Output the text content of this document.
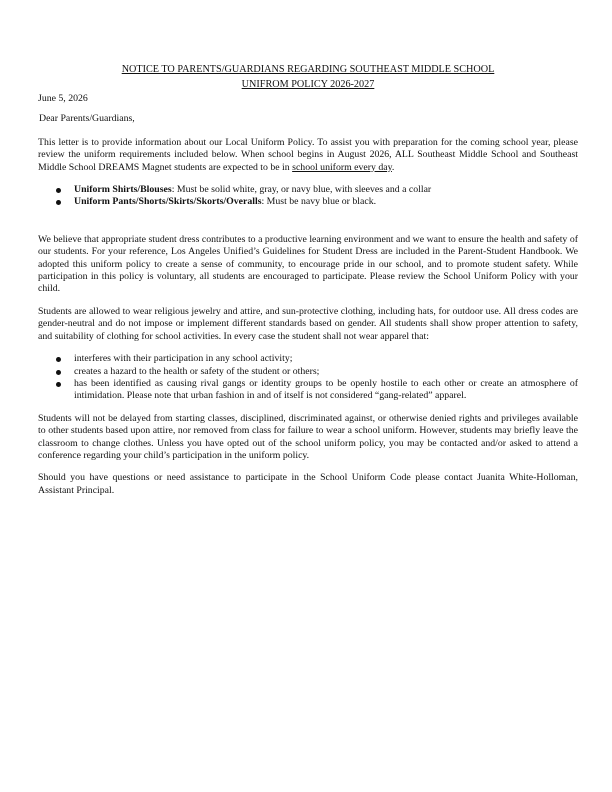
NOTICE TO PARENTS/GUARDIANS REGARDING SOUTHEAST MIDDLE SCHOOL
UNIFROM POLICY 2026-2027
June 5, 2026
Dear Parents/Guardians,

This letter is to provide information about our Local Uniform Policy. To assist you with preparation for the coming school year, please review the uniform requirements included below. When school begins in August 2026, ALL Southeast Middle School and Southeast Middle School DREAMS Magnet students are expected to be in school uniform every day.

Uniform Shirts/Blouses: Must be solid white, gray, or navy blue, with sleeves and a collar
Uniform Pants/Shorts/Skirts/Skorts/Overalls: Must be navy blue or black.

We believe that appropriate student dress contributes to a productive learning environment and we want to ensure the health and safety of our students. For your reference, Los Angeles Unified’s Guidelines for Student Dress are included in the Parent-Student Handbook. We adopted this uniform policy to create a sense of community, to encourage pride in our school, and to promote student safety. While participation in this policy is voluntary, all students are encouraged to participate. Please review the School Uniform Policy with your child.

Students are allowed to wear religious jewelry and attire, and sun-protective clothing, including hats, for outdoor use. All dress codes are gender-neutral and do not impose or implement different standards based on gender. All students shall show proper attention to safety, and suitability of clothing for school activities. In every case the student shall not wear apparel that:

interferes with their participation in any school activity;
creates a hazard to the health or safety of the student or others;
has been identified as causing rival gangs or identity groups to be openly hostile to each other or create an atmosphere of intimidation. Please note that urban fashion in and of itself is not considered “gang-related” apparel.

Students will not be delayed from starting classes, disciplined, discriminated against, or otherwise denied rights and privileges available to other students based upon attire, nor removed from class for failure to wear a school uniform. However, students may briefly leave the classroom to change clothes. Unless you have opted out of the school uniform policy, you may be contacted and/or asked to attend a conference regarding your child’s participation in the uniform policy.

Should you have questions or need assistance to participate in the School Uniform Code please contact Juanita White-Holloman, Assistant Principal.
